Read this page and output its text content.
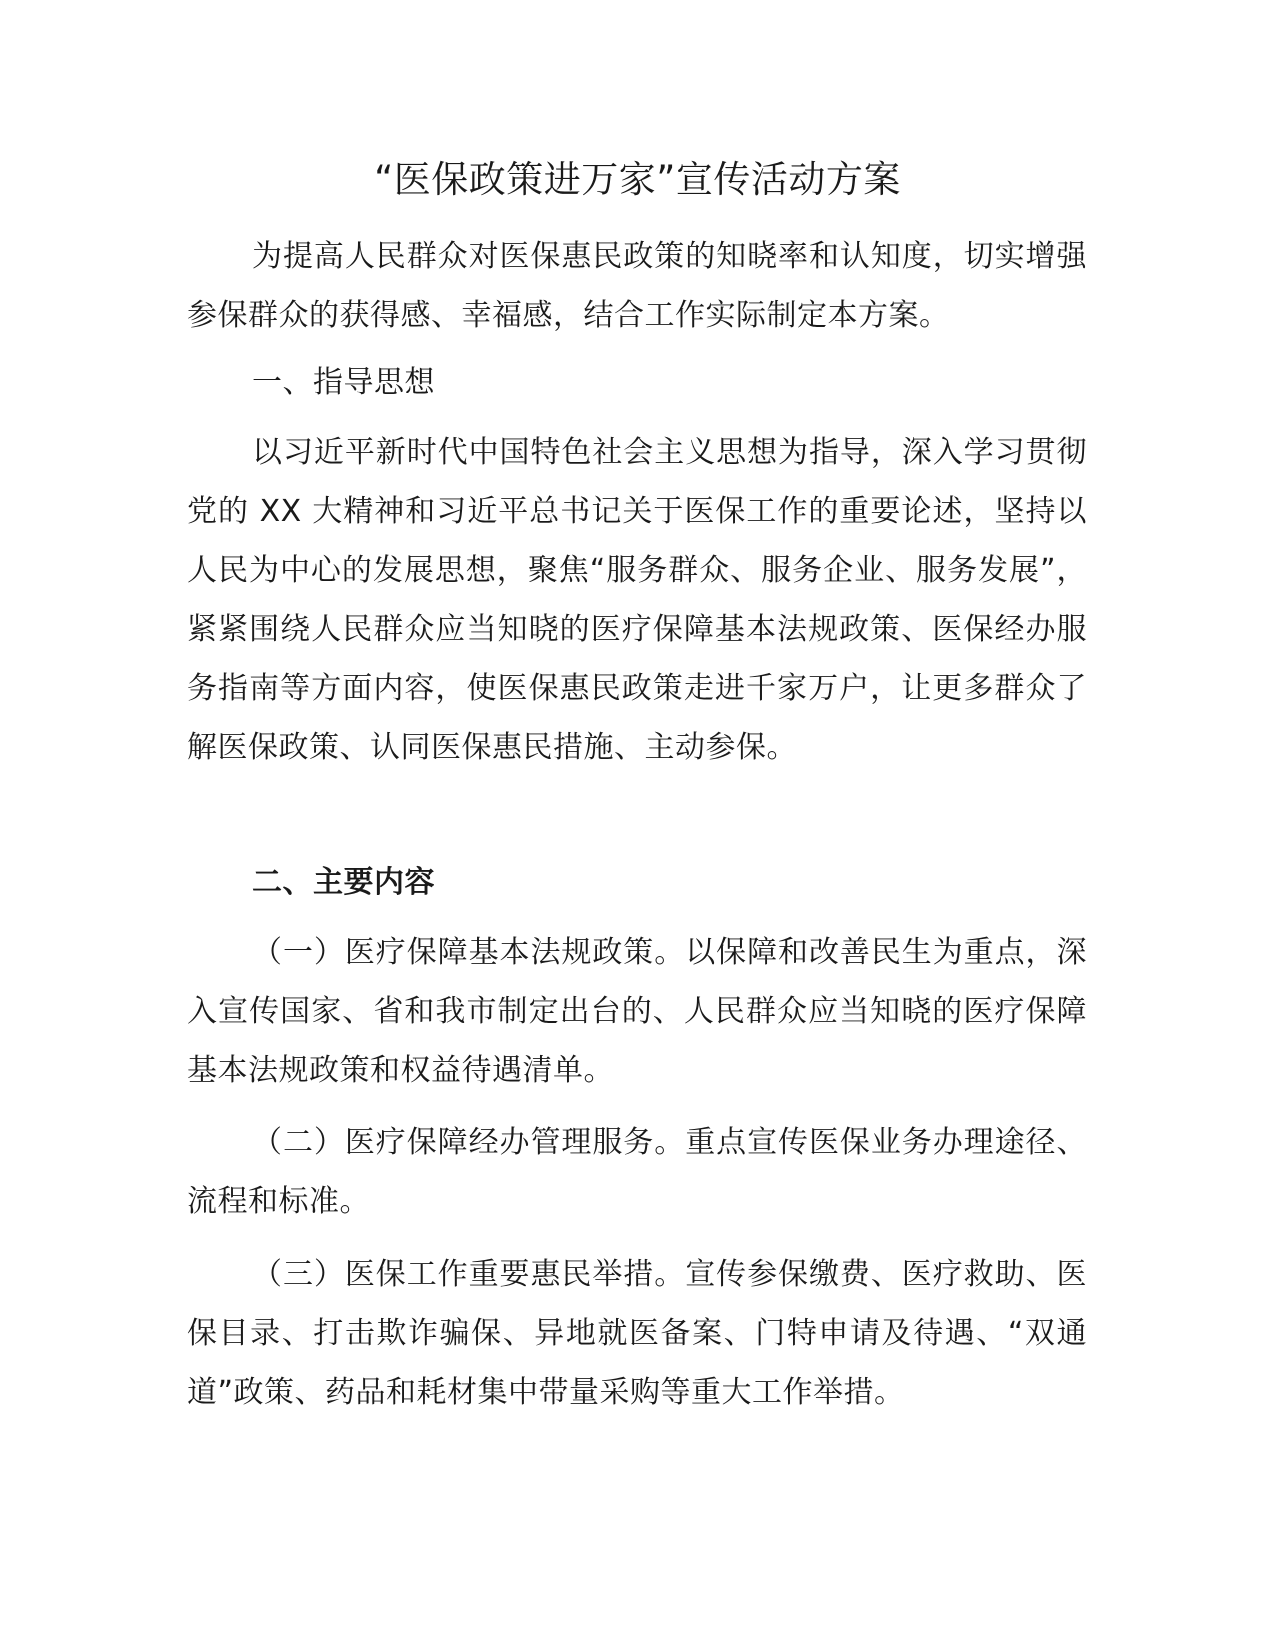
“医保政策进万家”宣传活动方案

为提高人民群众对医保惠民政策的知晓率和认知度，切实增强参保群众的获得感、幸福感，结合工作实际制定本方案。

一、指导思想

以习近平新时代中国特色社会主义思想为指导，深入学习贯彻党的 XX 大精神和习近平总书记关于医保工作的重要论述，坚持以人民为中心的发展思想，聚焦“服务群众、服务企业、服务发展”，紧紧围绕人民群众应当知晓的医疗保障基本法规政策、医保经办服务指南等方面内容，使医保惠民政策走进千家万户，让更多群众了解医保政策、认同医保惠民措施、主动参保。

二、主要内容

（一）医疗保障基本法规政策。以保障和改善民生为重点，深入宣传国家、省和我市制定出台的、人民群众应当知晓的医疗保障基本法规政策和权益待遇清单。

（二）医疗保障经办管理服务。重点宣传医保业务办理途径、流程和标准。

（三）医保工作重要惠民举措。宣传参保缴费、医疗救助、医保目录、打击欺诈骗保、异地就医备案、门特申请及待遇、“双通道”政策、药品和耗材集中带量采购等重大工作举措。
